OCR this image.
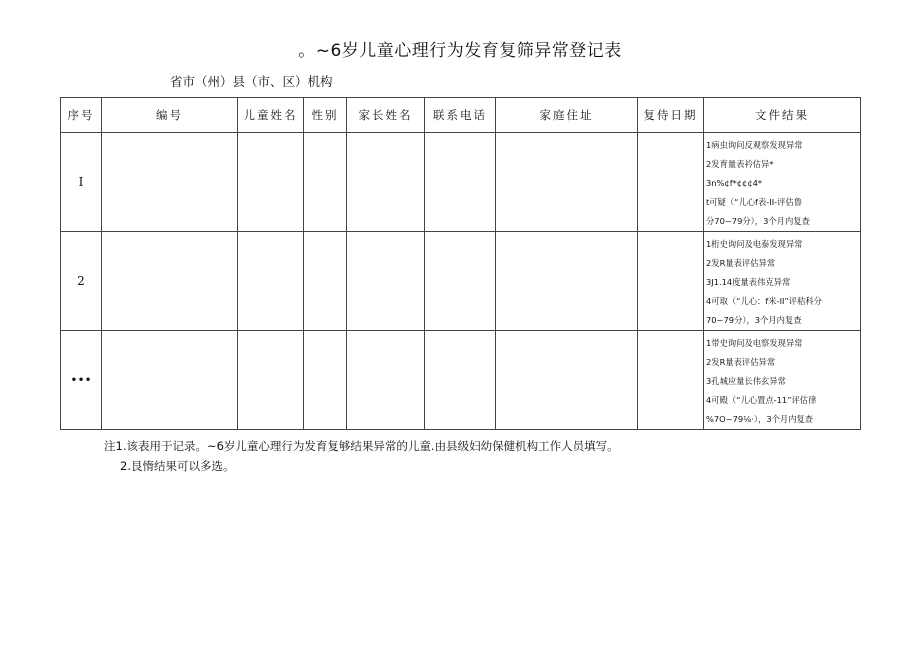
。~6岁儿童心理行为发育复筛异常登记表
省市（州）县（市、区）机构
序号	编号	儿童姓名	性别	家长姓名	联系电话	家庭住址	复侍日期	文件结果
I								1病虫询问反观察发现异常
2发育量表衿估异*
3n%¢f*¢¢¢4*
t可疑（“儿心f表-II-评估鲁
分70~79分），3个月内复查

2								1桁史询问及电泰发现异常
2发R量表评估异常
3J1.14度量表伟克异常
4可取（“儿心：f米-II”评秸科分
70~79分），3个月内复查

•••								1带史询问及电察发现异常
2发R量表评估异常
3孔城应量长伟玄异常
4可殿（“儿心置点-11”评估律
%7O~79⅛·），3个月内复查
注1.该表用于记录。~6岁儿童心理行为发育复够结果异常的儿童.由县级妇幼保健机构工作人员填写。
2.艮惰结果可以多选。
